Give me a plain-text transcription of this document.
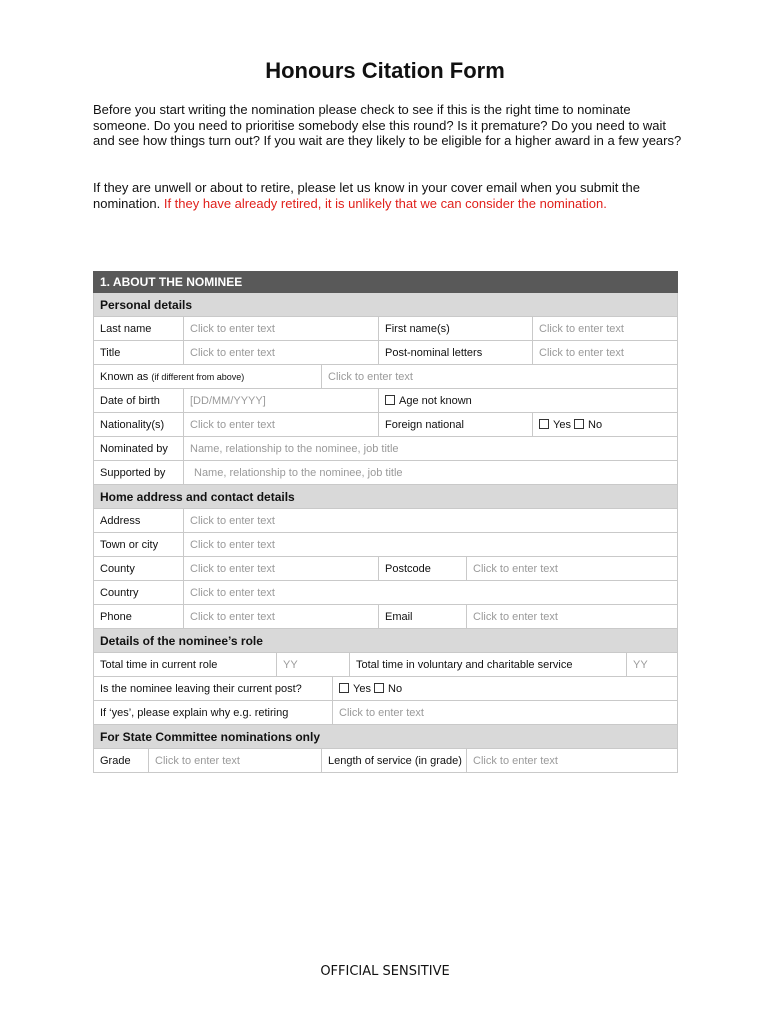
Honours Citation Form

Before you start writing the nomination please check to see if this is the right time to nominate someone. Do you need to prioritise somebody else this round? Is it premature? Do you need to wait and see how things turn out? If you wait are they likely to be eligible for a higher award in a few years?

If they are unwell or about to retire, please let us know in your cover email when you submit the nomination. If they have already retired, it is unlikely that we can consider the nomination.

1. ABOUT THE NOMINEE										
Personal details										
Last name		Click to enter text					First name(s)		Click to enter text	
Title		Click to enter text					Post-nominal letters		Click to enter text	
Known as (if different from above)				Click to enter text						
Date of birth		[DD/MM/YYYY]					Age not known			
Nationality(s)		Click to enter text					Foreign national		Yes No	
Nominated by		Name, relationship to the nominee, job title								
Supported by		Name, relationship to the nominee, job title								
Home address and contact details										
Address		Click to enter text								
Town or city		Click to enter text								
County		Click to enter text					Postcode	Click to enter text		
Country		Click to enter text								
Phone		Click to enter text					Email	Click to enter text		
Details of the nominee’s role										
Total time in current role			YY			Total time in voluntary and charitable service				YY
Is the nominee leaving their current post?					Yes No					
If ‘yes’, please explain why e.g. retiring					Click to enter text					
For State Committee nominations only										
Grade	Click to enter text			Length of service (in grade)				Click to enter text		
OFFICIAL SENSITIVE
